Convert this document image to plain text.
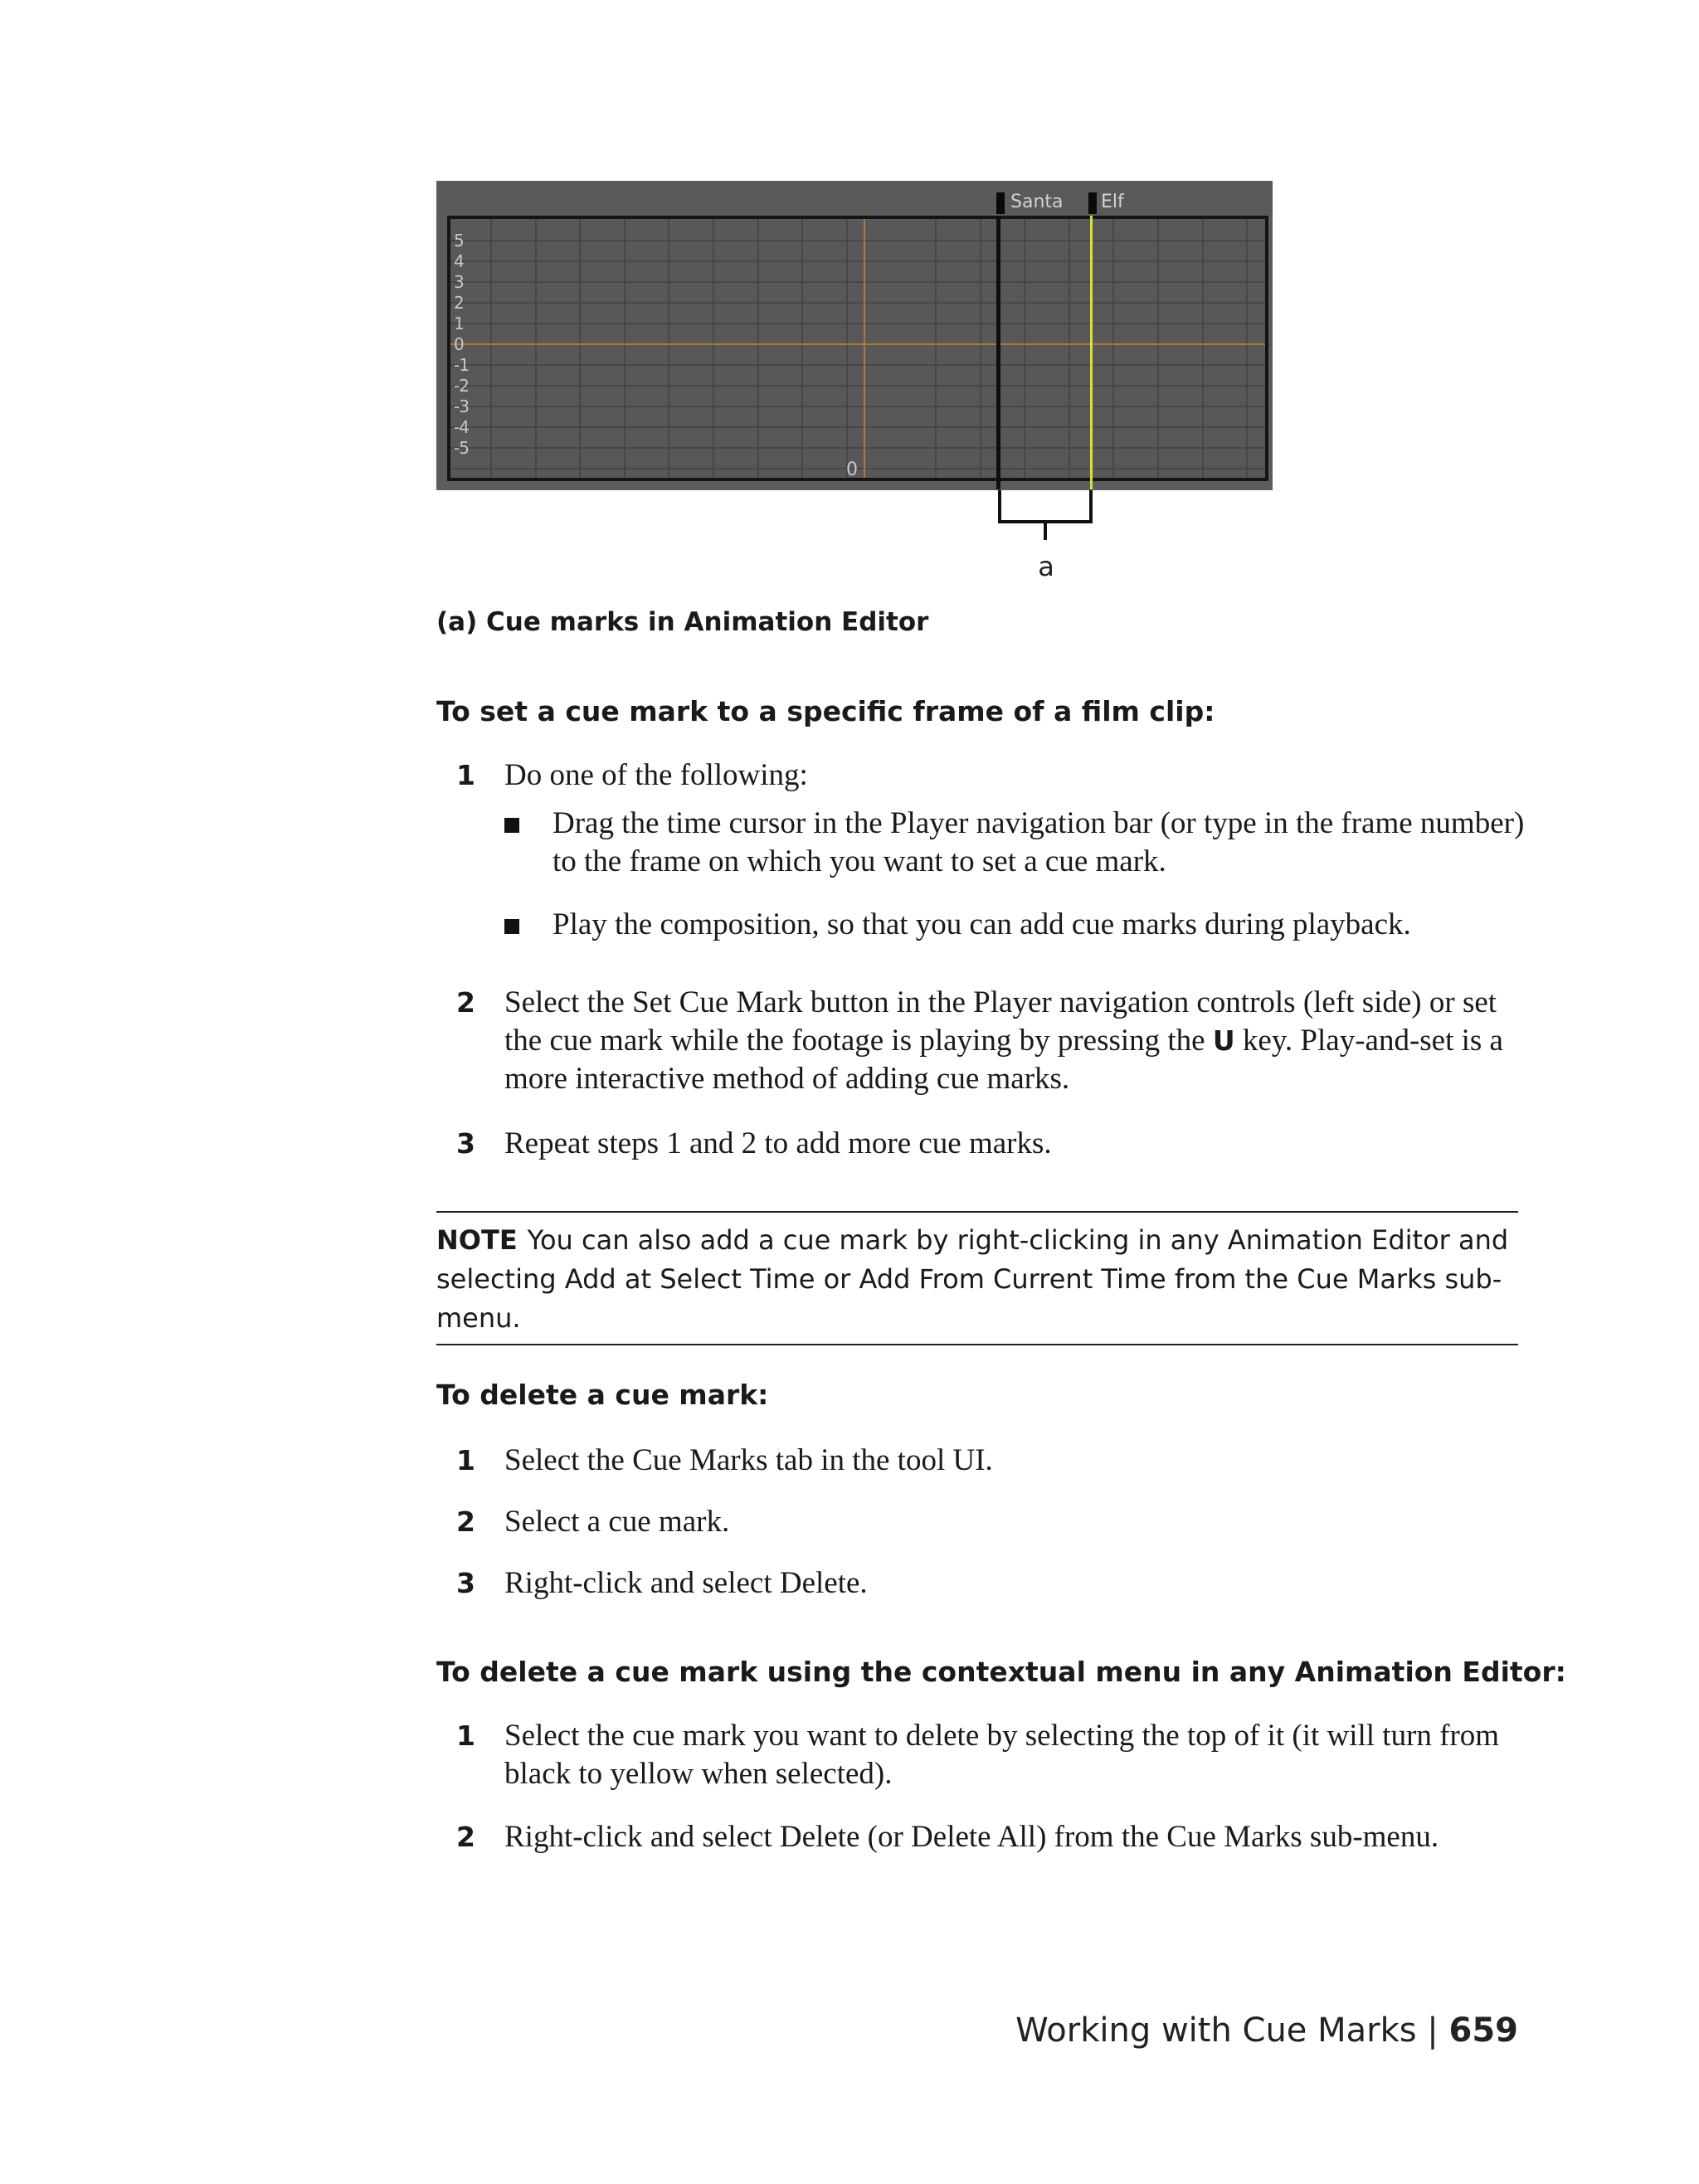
Santa Elf
5
4
3
2
1
0
-1
-2
-3
-4
-5
0
a
(a) Cue marks in Animation Editor
To set a cue mark to a specific frame of a film clip:
1 Do one of the following:
Drag the time cursor in the Player navigation bar (or type in the frame number) to the frame on which you want to set a cue mark.
Play the composition, so that you can add cue marks during playback.
2 Select the Set Cue Mark button in the Player navigation controls (left side) or set the cue mark while the footage is playing by pressing the U key. Play-and-set is a more interactive method of adding cue marks.
3 Repeat steps 1 and 2 to add more cue marks.
NOTE You can also add a cue mark by right-clicking in any Animation Editor and selecting Add at Select Time or Add From Current Time from the Cue Marks sub-menu.
To delete a cue mark:
1 Select the Cue Marks tab in the tool UI.
2 Select a cue mark.
3 Right-click and select Delete.
To delete a cue mark using the contextual menu in any Animation Editor:
1 Select the cue mark you want to delete by selecting the top of it (it will turn from black to yellow when selected).
2 Right-click and select Delete (or Delete All) from the Cue Marks sub-menu.
Working with Cue Marks | 659
